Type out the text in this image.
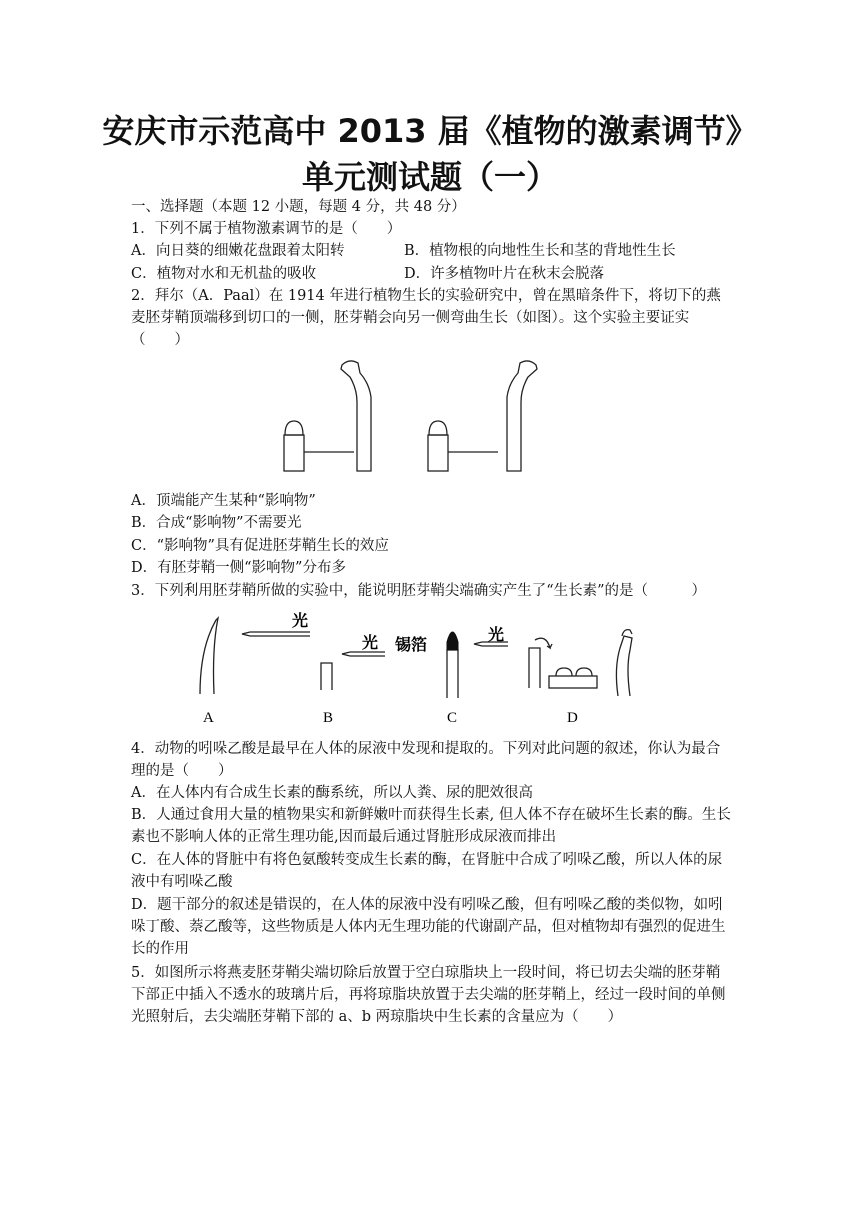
安庆市示范高中 2013 届《植物的激素调节》
单元测试题（一）
一、选择题（本题 12 小题，每题 4 分，共 48 分）
1．下列不属于植物激素调节的是（　　）
A．向日葵的细嫩花盘跟着太阳转	B．植物根的向地性生长和茎的背地性生长
C．植物对水和无机盐的吸收	D．许多植物叶片在秋末会脱落
2．拜尔（A．Paal）在 1914 年进行植物生长的实验研究中，曾在黑暗条件下，将切下的燕麦胚芽鞘顶端移到切口的一侧，胚芽鞘会向另一侧弯曲生长（如图）。这个实验主要证实（　　）
A．顶端能产生某种“影响物”
B．合成“影响物”不需要光
C．“影响物”具有促进胚芽鞘生长的效应
D．有胚芽鞘一侧“影响物”分布多
3．下列利用胚芽鞘所做的实验中，能说明胚芽鞘尖端确实产生了“生长素”的是（　　　）
光
光 锡箔
光
A	B	C	D
4．动物的吲哚乙酸是最早在人体的尿液中发现和提取的。下列对此问题的叙述，你认为最合理的是（　　）
A．在人体内有合成生长素的酶系统，所以人粪、尿的肥效很高
B．人通过食用大量的植物果实和新鲜嫩叶而获得生长素, 但人体不存在破坏生长素的酶。生长素也不影响人体的正常生理功能,因而最后通过肾脏形成尿液而排出
C．在人体的肾脏中有将色氨酸转变成生长素的酶，在肾脏中合成了吲哚乙酸，所以人体的尿液中有吲哚乙酸
D．题干部分的叙述是错误的，在人体的尿液中没有吲哚乙酸，但有吲哚乙酸的类似物，如吲哚丁酸、萘乙酸等，这些物质是人体内无生理功能的代谢副产品，但对植物却有强烈的促进生长的作用
5．如图所示将燕麦胚芽鞘尖端切除后放置于空白琼脂块上一段时间，将已切去尖端的胚芽鞘下部正中插入不透水的玻璃片后，再将琼脂块放置于去尖端的胚芽鞘上，经过一段时间的单侧光照射后，去尖端胚芽鞘下部的 a、b 两琼脂块中生长素的含量应为（　　）
